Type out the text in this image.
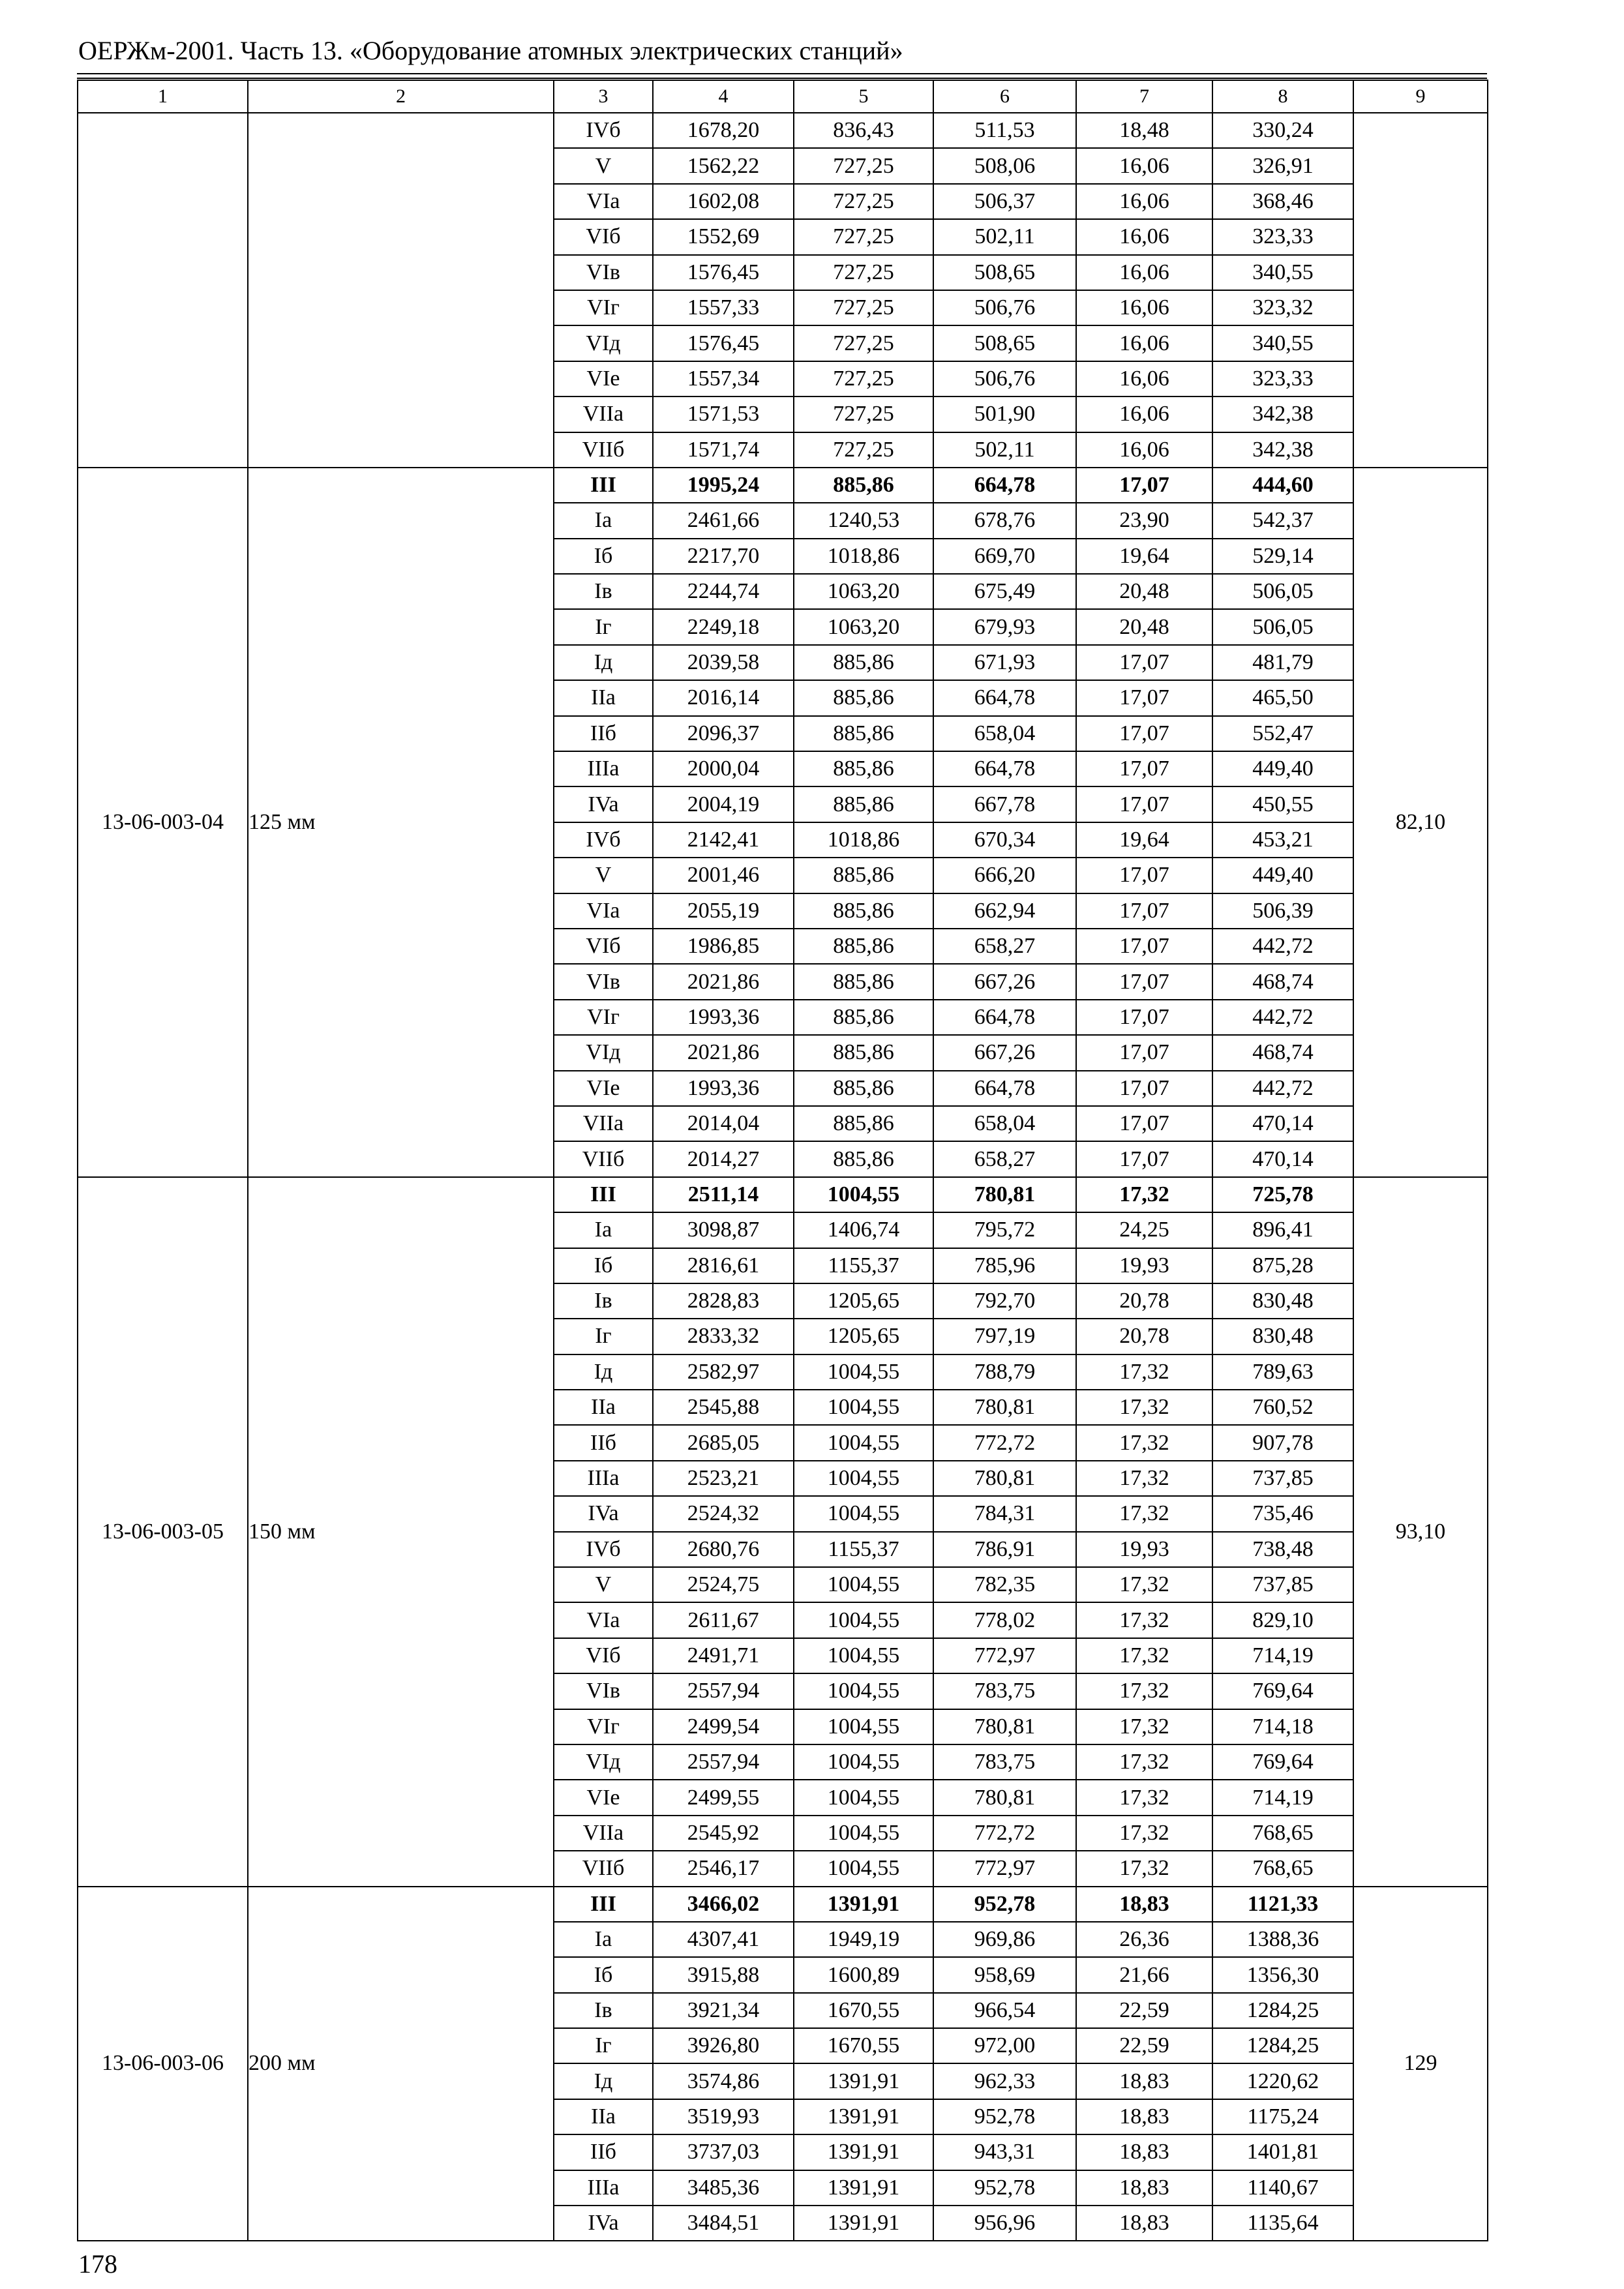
ОЕРЖм-2001. Часть 13. «Оборудование атомных электрических станций»
1	2	3	4	5	6	7	8	9
		IVб	1678,20	836,43	511,53	18,48	330,24	
		V	1562,22	727,25	508,06	16,06	326,91	
		VIa	1602,08	727,25	506,37	16,06	368,46	
		VIб	1552,69	727,25	502,11	16,06	323,33	
		VIв	1576,45	727,25	508,65	16,06	340,55	
		VIг	1557,33	727,25	506,76	16,06	323,32	
		VIд	1576,45	727,25	508,65	16,06	340,55	
		VIe	1557,34	727,25	506,76	16,06	323,33	
		VIIa	1571,53	727,25	501,90	16,06	342,38	
		VIIб	1571,74	727,25	502,11	16,06	342,38	
13-06-003-04	125 мм	III	1995,24	885,86	664,78	17,07	444,60	82,10
		Ia	2461,66	1240,53	678,76	23,90	542,37	
		Iб	2217,70	1018,86	669,70	19,64	529,14	
		Iв	2244,74	1063,20	675,49	20,48	506,05	
		Iг	2249,18	1063,20	679,93	20,48	506,05	
		Iд	2039,58	885,86	671,93	17,07	481,79	
		IIa	2016,14	885,86	664,78	17,07	465,50	
		IIб	2096,37	885,86	658,04	17,07	552,47	
		IIIa	2000,04	885,86	664,78	17,07	449,40	
		IVa	2004,19	885,86	667,78	17,07	450,55	
		IVб	2142,41	1018,86	670,34	19,64	453,21	
		V	2001,46	885,86	666,20	17,07	449,40	
		VIa	2055,19	885,86	662,94	17,07	506,39	
		VIб	1986,85	885,86	658,27	17,07	442,72	
		VIв	2021,86	885,86	667,26	17,07	468,74	
		VIг	1993,36	885,86	664,78	17,07	442,72	
		VIд	2021,86	885,86	667,26	17,07	468,74	
		VIe	1993,36	885,86	664,78	17,07	442,72	
		VIIa	2014,04	885,86	658,04	17,07	470,14	
		VIIб	2014,27	885,86	658,27	17,07	470,14	
13-06-003-05	150 мм	III	2511,14	1004,55	780,81	17,32	725,78	93,10
		Ia	3098,87	1406,74	795,72	24,25	896,41	
		Iб	2816,61	1155,37	785,96	19,93	875,28	
		Iв	2828,83	1205,65	792,70	20,78	830,48	
		Iг	2833,32	1205,65	797,19	20,78	830,48	
		Iд	2582,97	1004,55	788,79	17,32	789,63	
		IIa	2545,88	1004,55	780,81	17,32	760,52	
		IIб	2685,05	1004,55	772,72	17,32	907,78	
		IIIa	2523,21	1004,55	780,81	17,32	737,85	
		IVa	2524,32	1004,55	784,31	17,32	735,46	
		IVб	2680,76	1155,37	786,91	19,93	738,48	
		V	2524,75	1004,55	782,35	17,32	737,85	
		VIa	2611,67	1004,55	778,02	17,32	829,10	
		VIб	2491,71	1004,55	772,97	17,32	714,19	
		VIв	2557,94	1004,55	783,75	17,32	769,64	
		VIг	2499,54	1004,55	780,81	17,32	714,18	
		VIд	2557,94	1004,55	783,75	17,32	769,64	
		VIe	2499,55	1004,55	780,81	17,32	714,19	
		VIIa	2545,92	1004,55	772,72	17,32	768,65	
		VIIб	2546,17	1004,55	772,97	17,32	768,65	
13-06-003-06	200 мм	III	3466,02	1391,91	952,78	18,83	1121,33	129
		Ia	4307,41	1949,19	969,86	26,36	1388,36	
		Iб	3915,88	1600,89	958,69	21,66	1356,30	
		Iв	3921,34	1670,55	966,54	22,59	1284,25	
		Iг	3926,80	1670,55	972,00	22,59	1284,25	
		Iд	3574,86	1391,91	962,33	18,83	1220,62	
		IIa	3519,93	1391,91	952,78	18,83	1175,24	
		IIб	3737,03	1391,91	943,31	18,83	1401,81	
		IIIa	3485,36	1391,91	952,78	18,83	1140,67	
		IVa	3484,51	1391,91	956,96	18,83	1135,64	
178
